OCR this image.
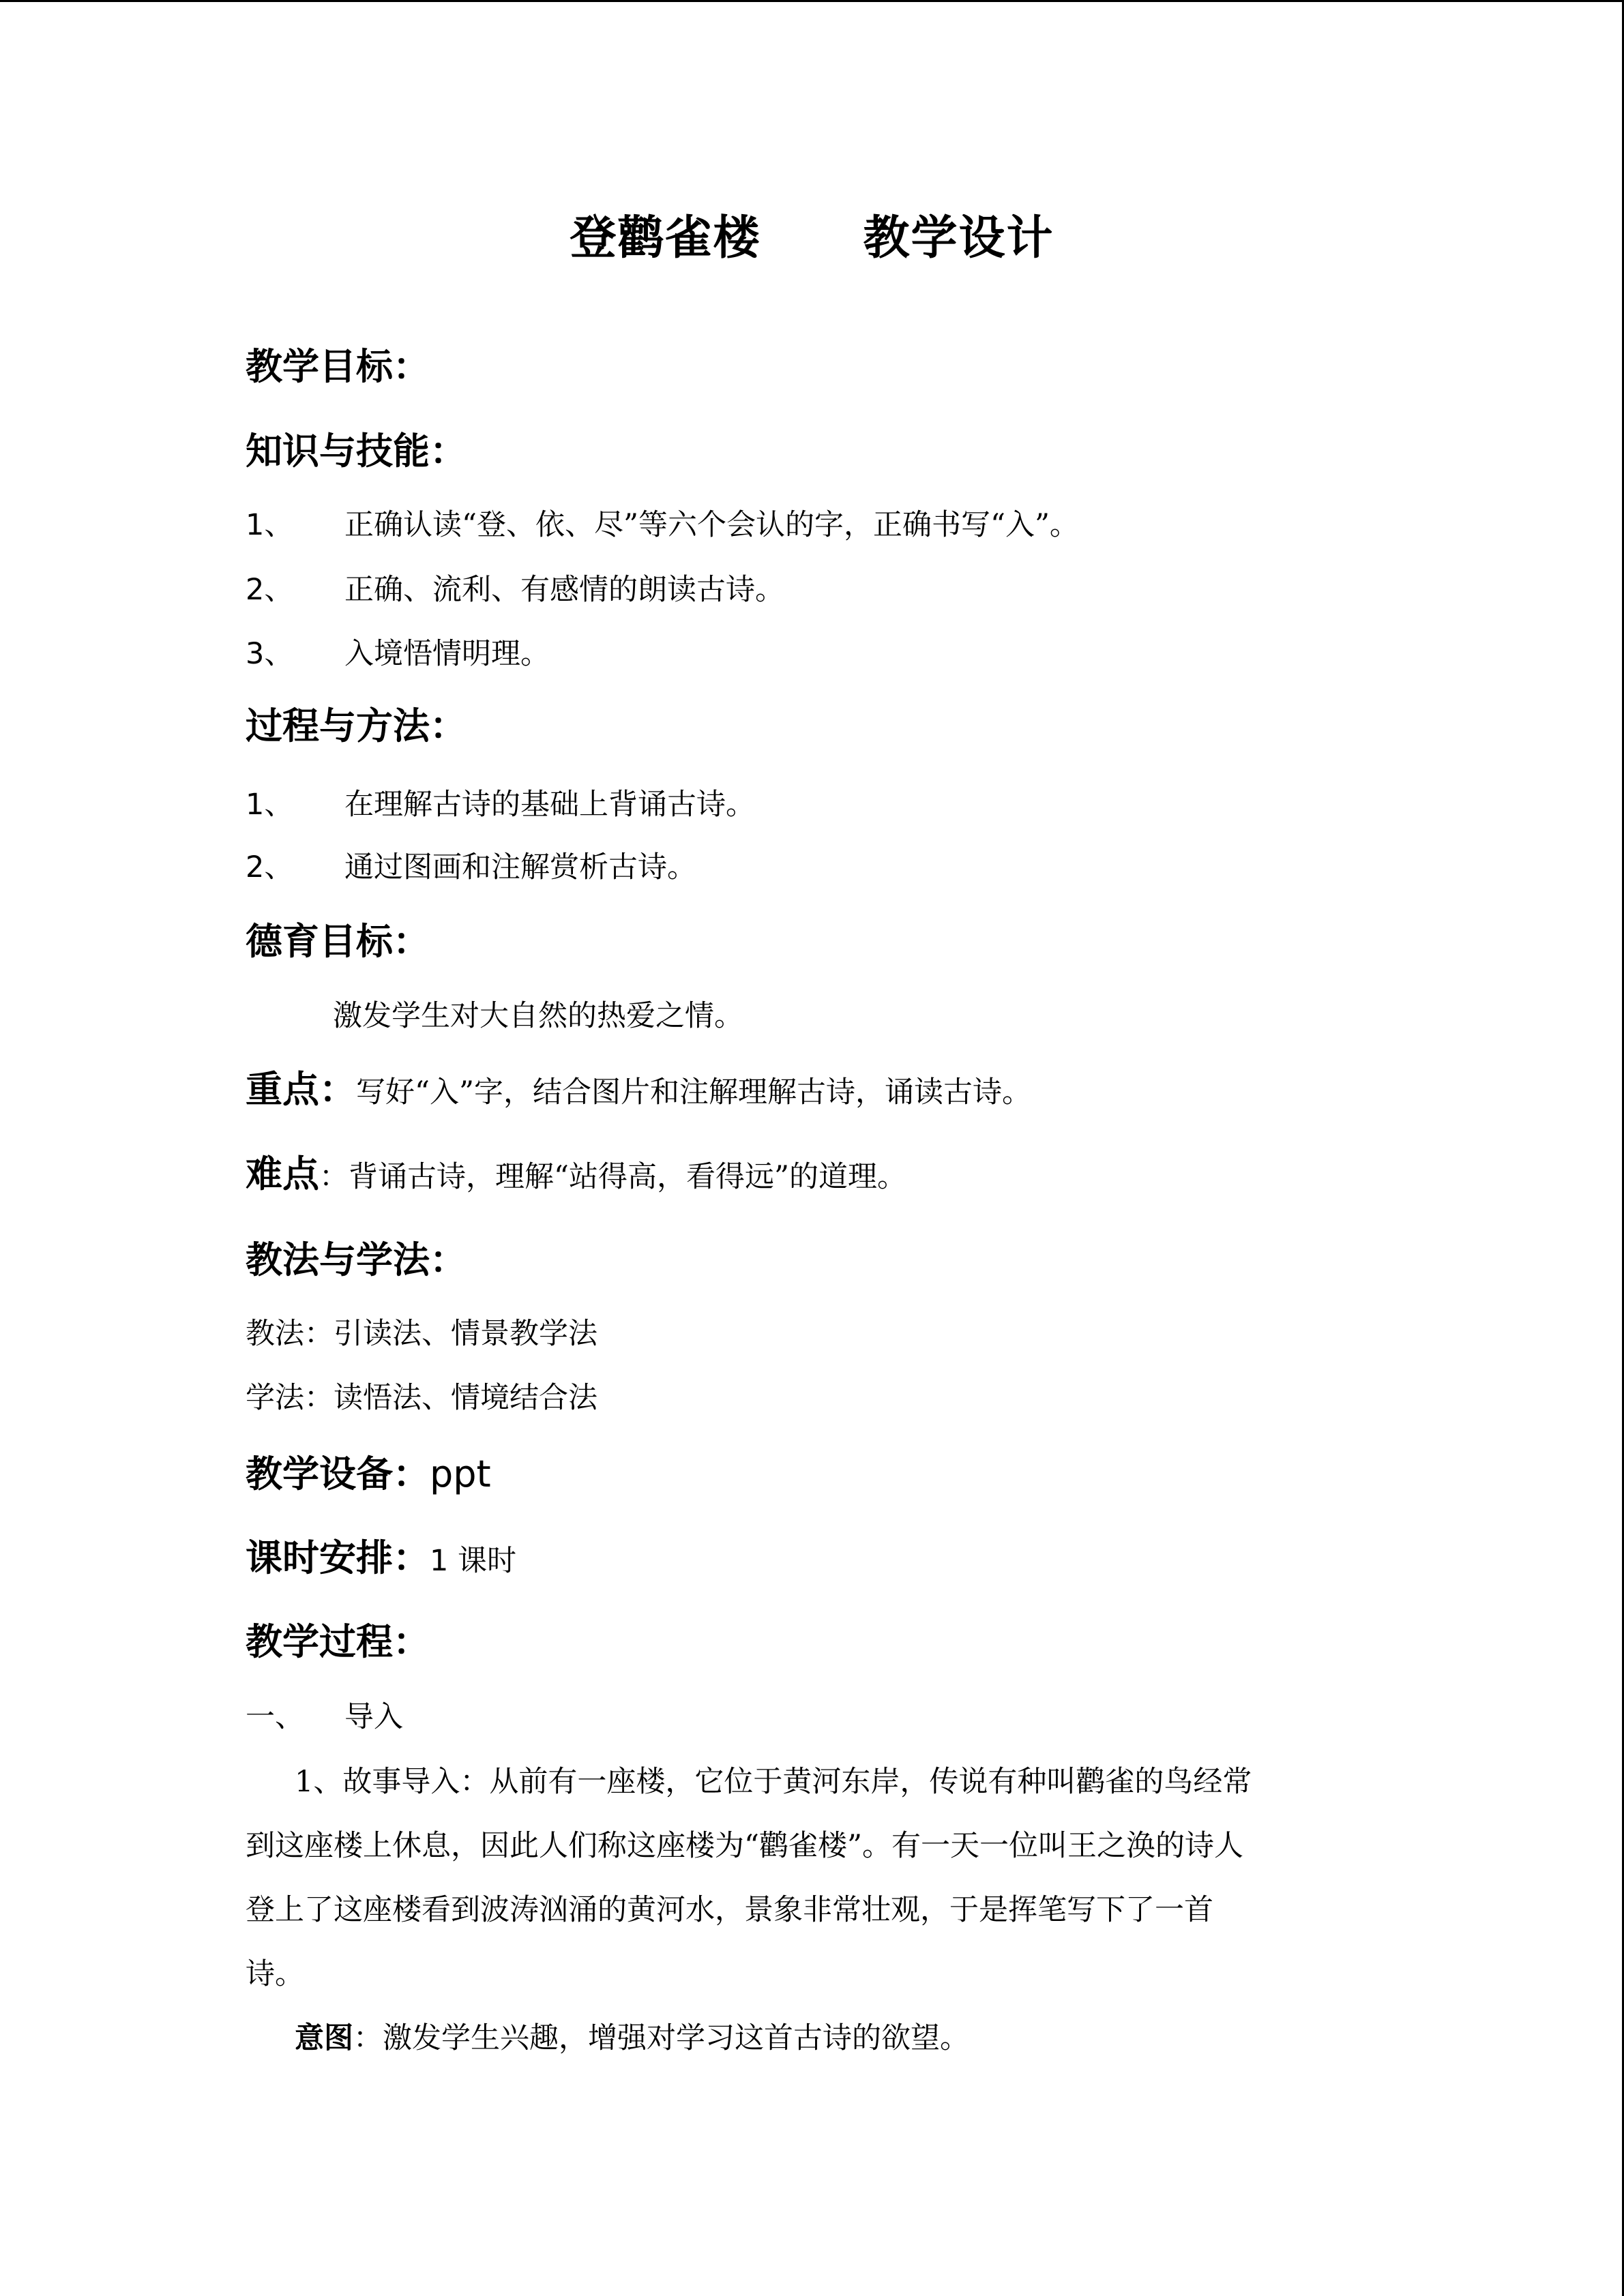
登鹳雀楼 教学设计
教学目标：
知识与技能：
1、 正确认读“登、依、尽”等六个会认的字，正确书写“入”。
2、 正确、流利、有感情的朗读古诗。
3、 入境悟情明理。
过程与方法：
1、 在理解古诗的基础上背诵古诗。
2、 通过图画和注解赏析古诗。
德育目标：
激发学生对大自然的热爱之情。
重点：写好“入”字，结合图片和注解理解古诗，诵读古诗。
难点：背诵古诗，理解“站得高，看得远”的道理。
教法与学法：
教法：引读法、情景教学法
学法：读悟法、情境结合法
教学设备：ppt
课时安排：1 课时
教学过程：
一、 导入
1、故事导入：从前有一座楼，它位于黄河东岸，传说有种叫鹳雀的鸟经常
到这座楼上休息，因此人们称这座楼为“鹳雀楼”。有一天一位叫王之涣的诗人
登上了这座楼看到波涛汹涌的黄河水，景象非常壮观，于是挥笔写下了一首
诗。
意图：激发学生兴趣，增强对学习这首古诗的欲望。
